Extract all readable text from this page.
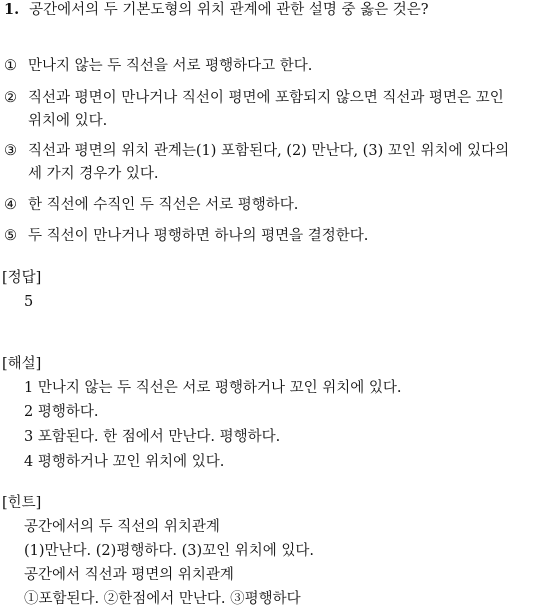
1. 공간에서의 두 기본도형의 위치 관계에 관한 설명 중 옳은 것은?
① 만나지 않는 두 직선을 서로 평행하다고 한다.
② 직선과 평면이 만나거나 직선이 평면에 포함되지 않으면 직선과 평면은 꼬인
위치에 있다.
③ 직선과 평면의 위치 관계는(1) 포함된다, (2) 만난다, (3) 꼬인 위치에 있다의
세 가지 경우가 있다.
④ 한 직선에 수직인 두 직선은 서로 평행하다.
⑤ 두 직선이 만나거나 평행하면 하나의 평면을 결정한다.
[정답]
5
[해설]
1 만나지 않는 두 직선은 서로 평행하거나 꼬인 위치에 있다.
2 평행하다.
3 포함된다. 한 점에서 만난다. 평행하다.
4 평행하거나 꼬인 위치에 있다.
[힌트]
공간에서의 두 직선의 위치관계
(1)만난다. (2)평행하다. (3)꼬인 위치에 있다.
공간에서 직선과 평면의 위치관계
①포함된다. ②한점에서 만난다. ③평행하다
